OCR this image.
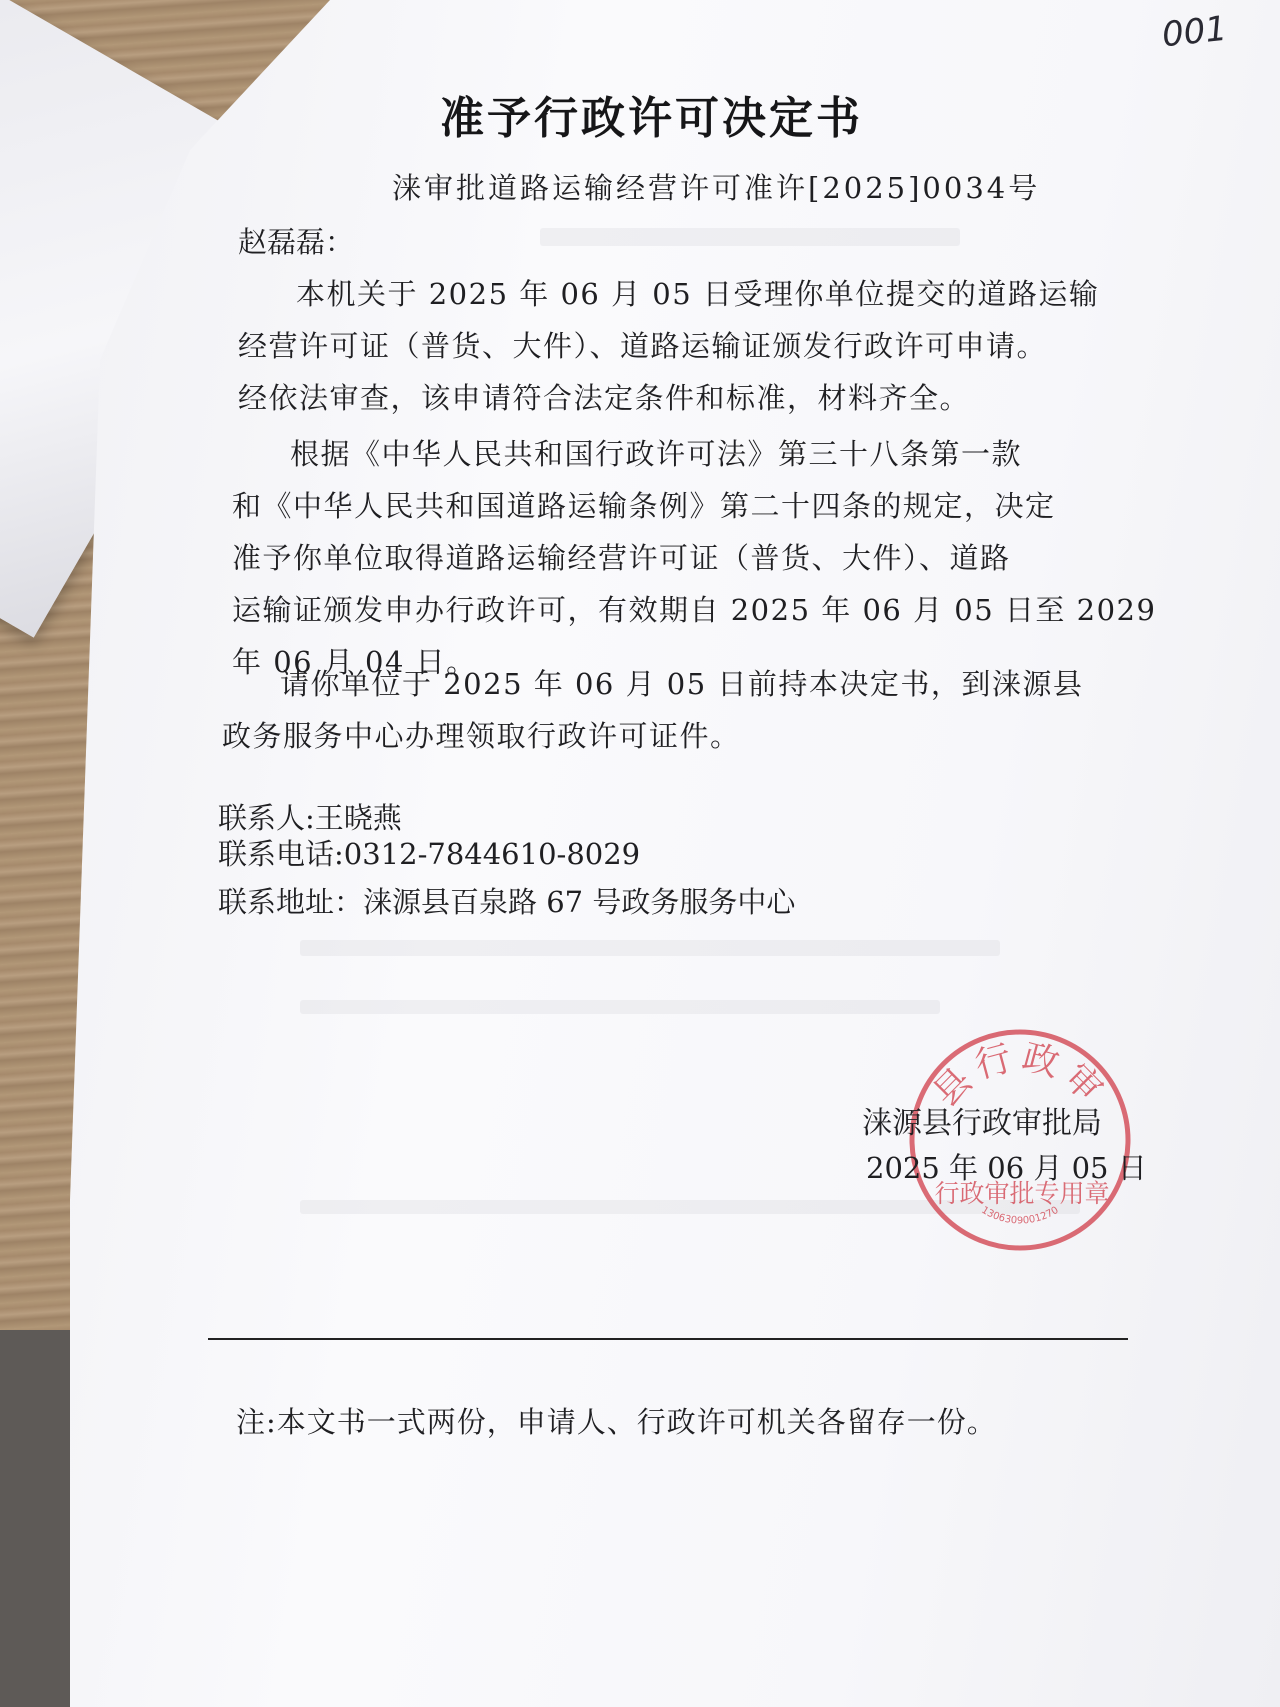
001
准予行政许可决定书
涞审批道路运输经营许可准许[2025]0034号
赵磊磊：
本机关于 2025 年 06 月 05 日受理你单位提交的道路运输
经营许可证（普货、大件）、道路运输证颁发行政许可申请。
经依法审查，该申请符合法定条件和标准，材料齐全。
根据《中华人民共和国行政许可法》第三十八条第一款
和《中华人民共和国道路运输条例》第二十四条的规定，决定
准予你单位取得道路运输经营许可证（普货、大件）、道路
运输证颁发申办行政许可，有效期自 2025 年 06 月 05 日至 2029
年 06 月 04 日。
请你单位于 2025 年 06 月 05 日前持本决定书，到涞源县
政务服务中心办理领取行政许可证件。
联系人:王晓燕
联系电话:0312-7844610-8029
联系地址：涞源县百泉路 67 号政务服务中心
县行政审
行政审批专用章
1306309001270
涞源县行政审批局
2025 年 06 月 05 日
注:本文书一式两份，申请人、行政许可机关各留存一份。
